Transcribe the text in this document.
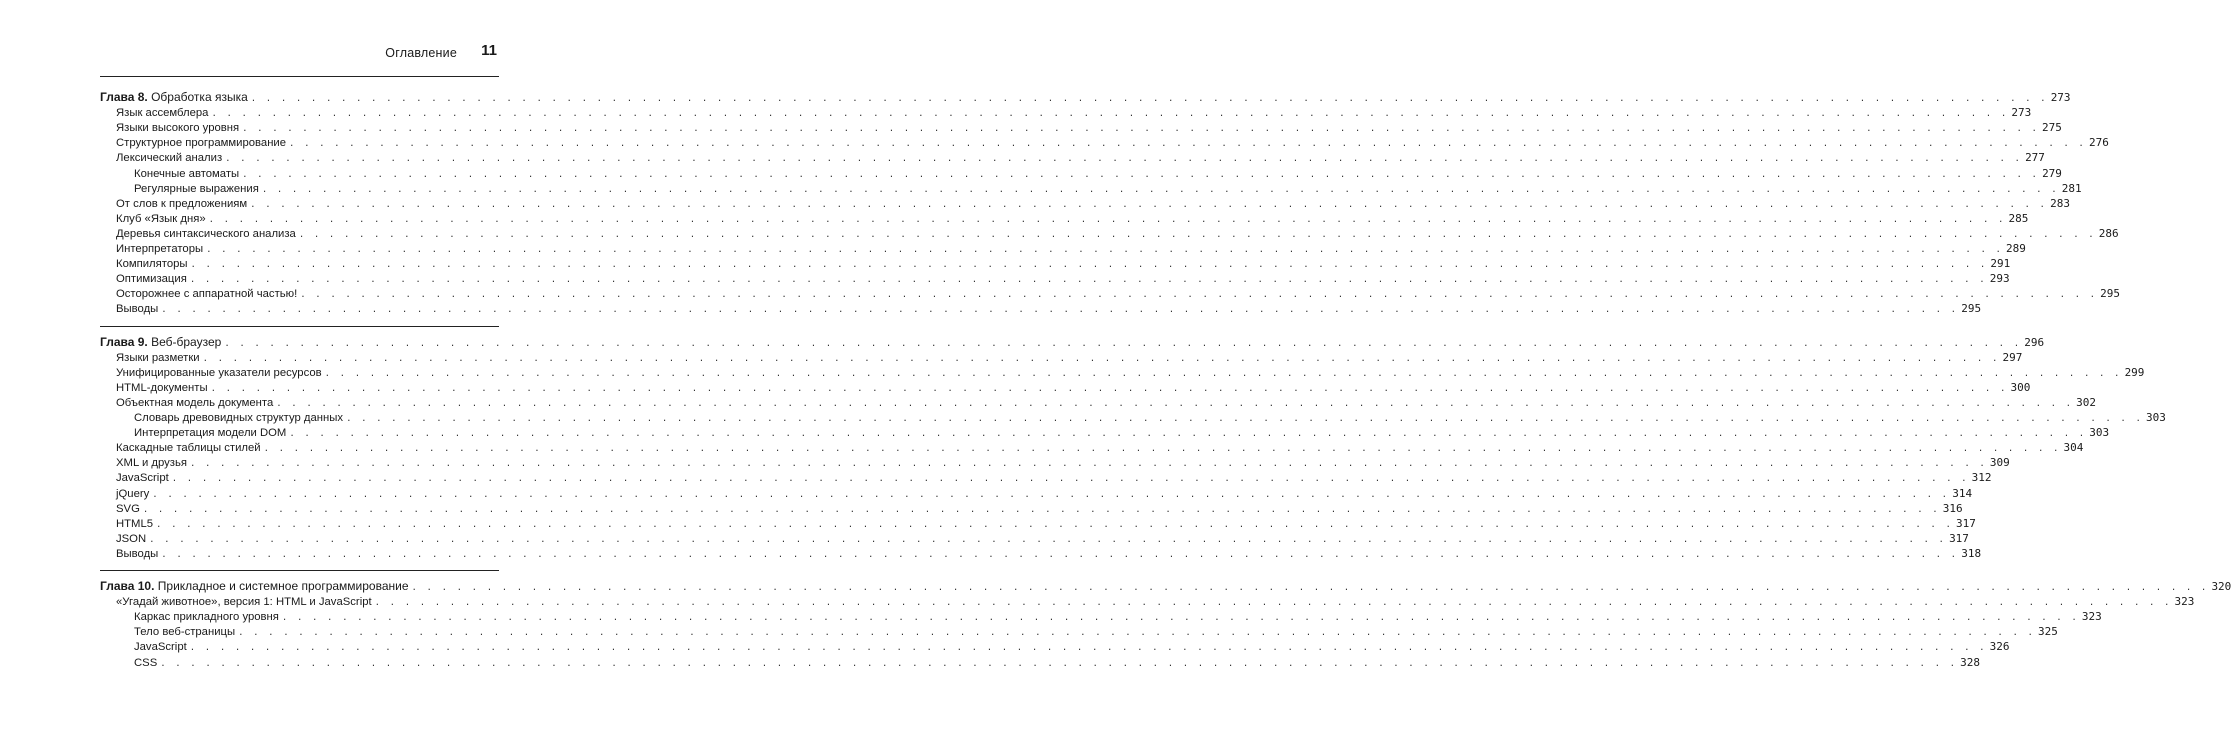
Оглавление 11
Глава 8. Обработка языка . . . . . . . . . . . . . . . . . . . . . . . . . . . . . . . . . . . . . . . . . . . . . . . . . . . . . . . . . . . . . . . . . . . . . . . . . . . . . . . . . . . . . . . . . . . . . . . . . . . . . . . . . . . . . . . . . . . . . . . . 273
Язык ассемблера . . . . . . . . . . . . . . . . . . . . . . . . . . . . . . . . . . . . . . . . . . . . . . . . . . . . . . . . . . . . . . . . . . . . . . . . . . . . . . . . . . . . . . . . . . . . . . . . . . . . . . . . . . . . . . . . . . . . . . . . 273
Языки высокого уровня . . . . . . . . . . . . . . . . . . . . . . . . . . . . . . . . . . . . . . . . . . . . . . . . . . . . . . . . . . . . . . . . . . . . . . . . . . . . . . . . . . . . . . . . . . . . . . . . . . . . . . . . . . . . . . . . . . . . . . . . 275
Структурное программирование . . . . . . . . . . . . . . . . . . . . . . . . . . . . . . . . . . . . . . . . . . . . . . . . . . . . . . . . . . . . . . . . . . . . . . . . . . . . . . . . . . . . . . . . . . . . . . . . . . . . . . . . . . . . . . . . . . . . . . . . 276
Лексический анализ . . . . . . . . . . . . . . . . . . . . . . . . . . . . . . . . . . . . . . . . . . . . . . . . . . . . . . . . . . . . . . . . . . . . . . . . . . . . . . . . . . . . . . . . . . . . . . . . . . . . . . . . . . . . . . . . . . . . . . . . 277
Конечные автоматы . . . . . . . . . . . . . . . . . . . . . . . . . . . . . . . . . . . . . . . . . . . . . . . . . . . . . . . . . . . . . . . . . . . . . . . . . . . . . . . . . . . . . . . . . . . . . . . . . . . . . . . . . . . . . . . . . . . . . . . . 279
Регулярные выражения . . . . . . . . . . . . . . . . . . . . . . . . . . . . . . . . . . . . . . . . . . . . . . . . . . . . . . . . . . . . . . . . . . . . . . . . . . . . . . . . . . . . . . . . . . . . . . . . . . . . . . . . . . . . . . . . . . . . . . . . 281
От слов к предложениям . . . . . . . . . . . . . . . . . . . . . . . . . . . . . . . . . . . . . . . . . . . . . . . . . . . . . . . . . . . . . . . . . . . . . . . . . . . . . . . . . . . . . . . . . . . . . . . . . . . . . . . . . . . . . . . . . . . . . . . . 283
Клуб «Язык дня» . . . . . . . . . . . . . . . . . . . . . . . . . . . . . . . . . . . . . . . . . . . . . . . . . . . . . . . . . . . . . . . . . . . . . . . . . . . . . . . . . . . . . . . . . . . . . . . . . . . . . . . . . . . . . . . . . . . . . . . . 285
Деревья синтаксического анализа . . . . . . . . . . . . . . . . . . . . . . . . . . . . . . . . . . . . . . . . . . . . . . . . . . . . . . . . . . . . . . . . . . . . . . . . . . . . . . . . . . . . . . . . . . . . . . . . . . . . . . . . . . . . . . . . . . . . . . . . 286
Интерпретаторы . . . . . . . . . . . . . . . . . . . . . . . . . . . . . . . . . . . . . . . . . . . . . . . . . . . . . . . . . . . . . . . . . . . . . . . . . . . . . . . . . . . . . . . . . . . . . . . . . . . . . . . . . . . . . . . . . . . . . . . . 289
Компиляторы . . . . . . . . . . . . . . . . . . . . . . . . . . . . . . . . . . . . . . . . . . . . . . . . . . . . . . . . . . . . . . . . . . . . . . . . . . . . . . . . . . . . . . . . . . . . . . . . . . . . . . . . . . . . . . . . . . . . . . . . 291
Оптимизация . . . . . . . . . . . . . . . . . . . . . . . . . . . . . . . . . . . . . . . . . . . . . . . . . . . . . . . . . . . . . . . . . . . . . . . . . . . . . . . . . . . . . . . . . . . . . . . . . . . . . . . . . . . . . . . . . . . . . . . . 293
Осторожнее с аппаратной частью! . . . . . . . . . . . . . . . . . . . . . . . . . . . . . . . . . . . . . . . . . . . . . . . . . . . . . . . . . . . . . . . . . . . . . . . . . . . . . . . . . . . . . . . . . . . . . . . . . . . . . . . . . . . . . . . . . . . . . . . . 295
Выводы . . . . . . . . . . . . . . . . . . . . . . . . . . . . . . . . . . . . . . . . . . . . . . . . . . . . . . . . . . . . . . . . . . . . . . . . . . . . . . . . . . . . . . . . . . . . . . . . . . . . . . . . . . . . . . . . . . . . . . . . 295
Глава 9. Веб-браузер . . . . . . . . . . . . . . . . . . . . . . . . . . . . . . . . . . . . . . . . . . . . . . . . . . . . . . . . . . . . . . . . . . . . . . . . . . . . . . . . . . . . . . . . . . . . . . . . . . . . . . . . . . . . . . . . . . . . . . . . 296
Языки разметки . . . . . . . . . . . . . . . . . . . . . . . . . . . . . . . . . . . . . . . . . . . . . . . . . . . . . . . . . . . . . . . . . . . . . . . . . . . . . . . . . . . . . . . . . . . . . . . . . . . . . . . . . . . . . . . . . . . . . . . . 297
Унифицированные указатели ресурсов . . . . . . . . . . . . . . . . . . . . . . . . . . . . . . . . . . . . . . . . . . . . . . . . . . . . . . . . . . . . . . . . . . . . . . . . . . . . . . . . . . . . . . . . . . . . . . . . . . . . . . . . . . . . . . . . . . . . . . . . 299
HTML-документы . . . . . . . . . . . . . . . . . . . . . . . . . . . . . . . . . . . . . . . . . . . . . . . . . . . . . . . . . . . . . . . . . . . . . . . . . . . . . . . . . . . . . . . . . . . . . . . . . . . . . . . . . . . . . . . . . . . . . . . . 300
Объектная модель документа . . . . . . . . . . . . . . . . . . . . . . . . . . . . . . . . . . . . . . . . . . . . . . . . . . . . . . . . . . . . . . . . . . . . . . . . . . . . . . . . . . . . . . . . . . . . . . . . . . . . . . . . . . . . . . . . . . . . . . . . 302
Словарь древовидных структур данных . . . . . . . . . . . . . . . . . . . . . . . . . . . . . . . . . . . . . . . . . . . . . . . . . . . . . . . . . . . . . . . . . . . . . . . . . . . . . . . . . . . . . . . . . . . . . . . . . . . . . . . . . . . . . . . . . . . . . . . . 303
Интерпретация модели DOM . . . . . . . . . . . . . . . . . . . . . . . . . . . . . . . . . . . . . . . . . . . . . . . . . . . . . . . . . . . . . . . . . . . . . . . . . . . . . . . . . . . . . . . . . . . . . . . . . . . . . . . . . . . . . . . . . . . . . . . . 303
Каскадные таблицы стилей . . . . . . . . . . . . . . . . . . . . . . . . . . . . . . . . . . . . . . . . . . . . . . . . . . . . . . . . . . . . . . . . . . . . . . . . . . . . . . . . . . . . . . . . . . . . . . . . . . . . . . . . . . . . . . . . . . . . . . . . 304
XML и друзья . . . . . . . . . . . . . . . . . . . . . . . . . . . . . . . . . . . . . . . . . . . . . . . . . . . . . . . . . . . . . . . . . . . . . . . . . . . . . . . . . . . . . . . . . . . . . . . . . . . . . . . . . . . . . . . . . . . . . . . . 309
JavaScript . . . . . . . . . . . . . . . . . . . . . . . . . . . . . . . . . . . . . . . . . . . . . . . . . . . . . . . . . . . . . . . . . . . . . . . . . . . . . . . . . . . . . . . . . . . . . . . . . . . . . . . . . . . . . . . . . . . . . . . . 312
jQuery . . . . . . . . . . . . . . . . . . . . . . . . . . . . . . . . . . . . . . . . . . . . . . . . . . . . . . . . . . . . . . . . . . . . . . . . . . . . . . . . . . . . . . . . . . . . . . . . . . . . . . . . . . . . . . . . . . . . . . . . 314
SVG . . . . . . . . . . . . . . . . . . . . . . . . . . . . . . . . . . . . . . . . . . . . . . . . . . . . . . . . . . . . . . . . . . . . . . . . . . . . . . . . . . . . . . . . . . . . . . . . . . . . . . . . . . . . . . . . . . . . . . . . 316
HTML5 . . . . . . . . . . . . . . . . . . . . . . . . . . . . . . . . . . . . . . . . . . . . . . . . . . . . . . . . . . . . . . . . . . . . . . . . . . . . . . . . . . . . . . . . . . . . . . . . . . . . . . . . . . . . . . . . . . . . . . . . 317
JSON . . . . . . . . . . . . . . . . . . . . . . . . . . . . . . . . . . . . . . . . . . . . . . . . . . . . . . . . . . . . . . . . . . . . . . . . . . . . . . . . . . . . . . . . . . . . . . . . . . . . . . . . . . . . . . . . . . . . . . . . 317
Выводы . . . . . . . . . . . . . . . . . . . . . . . . . . . . . . . . . . . . . . . . . . . . . . . . . . . . . . . . . . . . . . . . . . . . . . . . . . . . . . . . . . . . . . . . . . . . . . . . . . . . . . . . . . . . . . . . . . . . . . . . 318
Глава 10. Прикладное и системное программирование . . . . . . . . . . . . . . . . . . . . . . . . . . . . . . . . . . . . . . . . . . . . . . . . . . . . . . . . . . . . . . . . . . . . . . . . . . . . . . . . . . . . . . . . . . . . . . . . . . . . . . . . . . . . . . . . . . . . . . . . 320
«Угадай животное», версия 1: HTML и JavaScript . . . . . . . . . . . . . . . . . . . . . . . . . . . . . . . . . . . . . . . . . . . . . . . . . . . . . . . . . . . . . . . . . . . . . . . . . . . . . . . . . . . . . . . . . . . . . . . . . . . . . . . . . . . . . . . . . . . . . . . . 323
Каркас прикладного уровня . . . . . . . . . . . . . . . . . . . . . . . . . . . . . . . . . . . . . . . . . . . . . . . . . . . . . . . . . . . . . . . . . . . . . . . . . . . . . . . . . . . . . . . . . . . . . . . . . . . . . . . . . . . . . . . . . . . . . . . . 323
Тело веб-страницы . . . . . . . . . . . . . . . . . . . . . . . . . . . . . . . . . . . . . . . . . . . . . . . . . . . . . . . . . . . . . . . . . . . . . . . . . . . . . . . . . . . . . . . . . . . . . . . . . . . . . . . . . . . . . . . . . . . . . . . . 325
JavaScript . . . . . . . . . . . . . . . . . . . . . . . . . . . . . . . . . . . . . . . . . . . . . . . . . . . . . . . . . . . . . . . . . . . . . . . . . . . . . . . . . . . . . . . . . . . . . . . . . . . . . . . . . . . . . . . . . . . . . . . . 326
CSS . . . . . . . . . . . . . . . . . . . . . . . . . . . . . . . . . . . . . . . . . . . . . . . . . . . . . . . . . . . . . . . . . . . . . . . . . . . . . . . . . . . . . . . . . . . . . . . . . . . . . . . . . . . . . . . . . . . . . . . . 328
